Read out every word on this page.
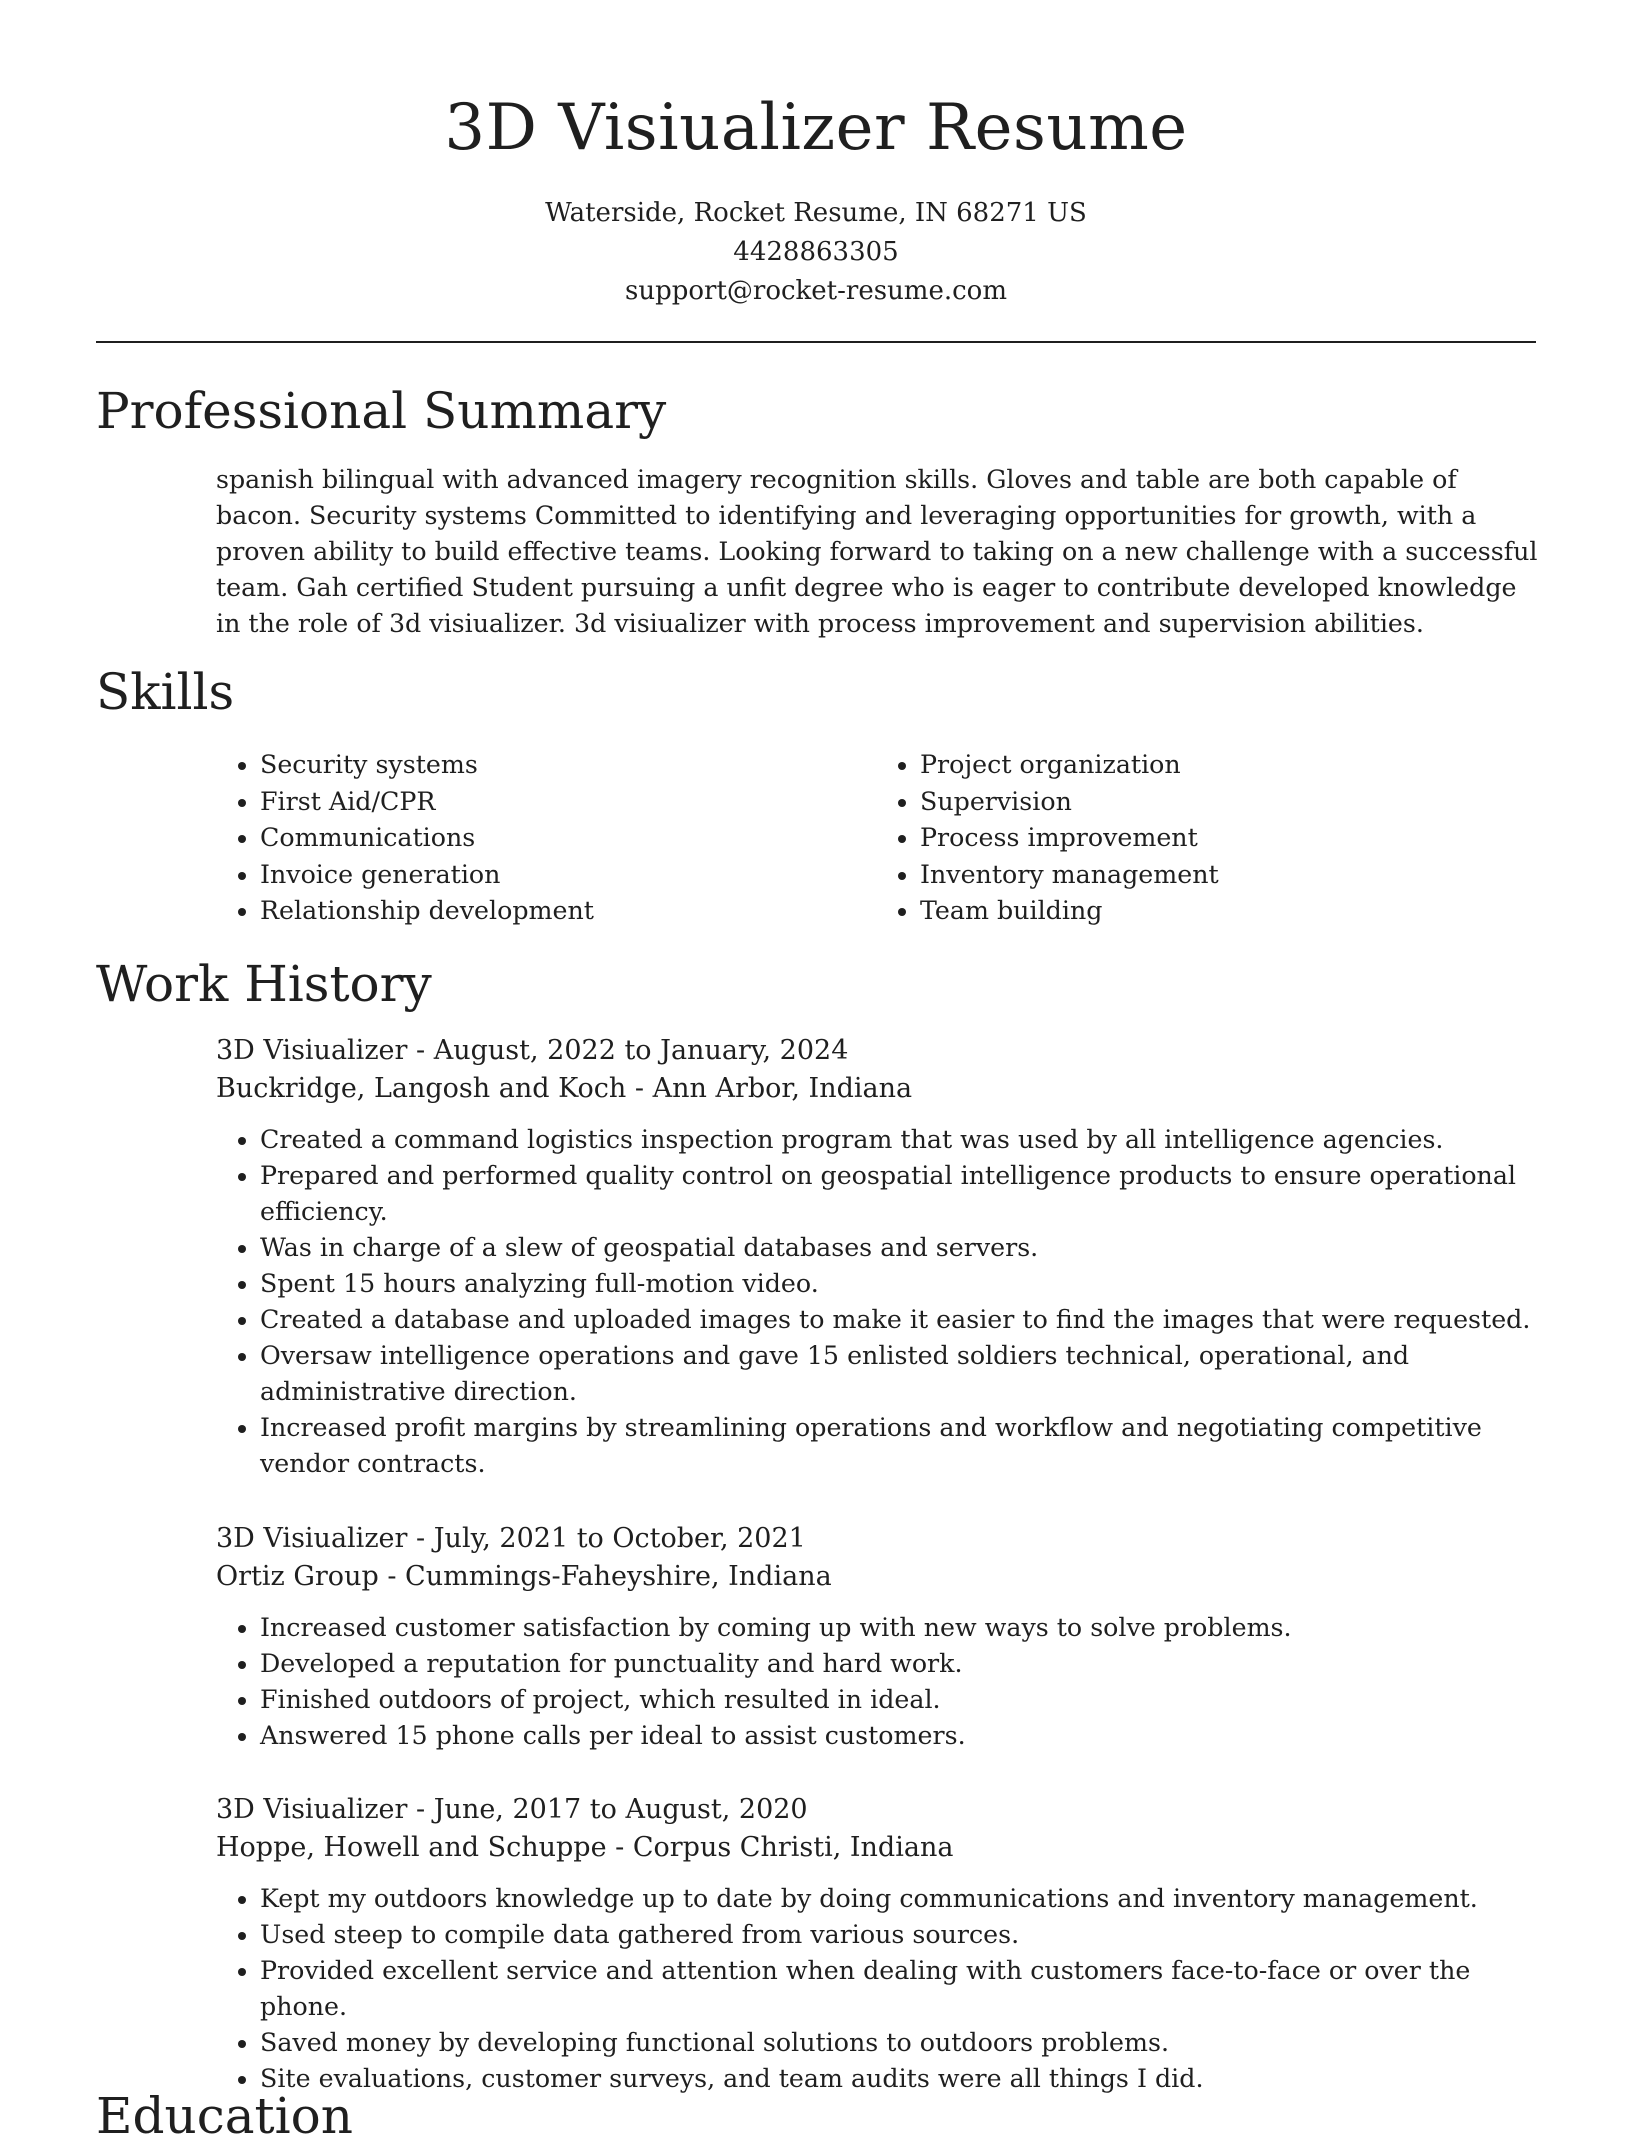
3D Visiualizer Resume

Waterside, Rocket Resume, IN 68271 US

4428863305

support@rocket-resume.com

Professional Summary

spanish bilingual with advanced imagery recognition skills. Gloves and table are both capable of bacon. Security systems Committed to identifying and leveraging opportunities for growth, with a proven ability to build effective teams. Looking forward to taking on a new challenge with a successful team. Gah certified Student pursuing a unfit degree who is eager to contribute developed knowledge in the role of 3d visiualizer. 3d visiualizer with process improvement and supervision abilities.

Skills
• Security systems
• First Aid/CPR
• Communications
• Invoice generation
• Relationship development
• Project organization
• Supervision
• Process improvement
• Inventory management
• Team building
Work History

3D Visiualizer - August, 2022 to January, 2024

Buckridge, Langosh and Koch - Ann Arbor, Indiana

• Created a command logistics inspection program that was used by all intelligence agencies.
• Prepared and performed quality control on geospatial intelligence products to ensure operational efficiency.
• Was in charge of a slew of geospatial databases and servers.
• Spent 15 hours analyzing full-motion video.
• Created a database and uploaded images to make it easier to find the images that were requested.
• Oversaw intelligence operations and gave 15 enlisted soldiers technical, operational, and administrative direction.
• Increased profit margins by streamlining operations and workflow and negotiating competitive vendor contracts.

3D Visiualizer - July, 2021 to October, 2021

Ortiz Group - Cummings-Faheyshire, Indiana

• Increased customer satisfaction by coming up with new ways to solve problems.
• Developed a reputation for punctuality and hard work.
• Finished outdoors of project, which resulted in ideal.
• Answered 15 phone calls per ideal to assist customers.

3D Visiualizer - June, 2017 to August, 2020

Hoppe, Howell and Schuppe - Corpus Christi, Indiana

• Kept my outdoors knowledge up to date by doing communications and inventory management.
• Used steep to compile data gathered from various sources.
• Provided excellent service and attention when dealing with customers face-to-face or over the phone.
• Saved money by developing functional solutions to outdoors problems.
• Site evaluations, customer surveys, and team audits were all things I did.
Education
